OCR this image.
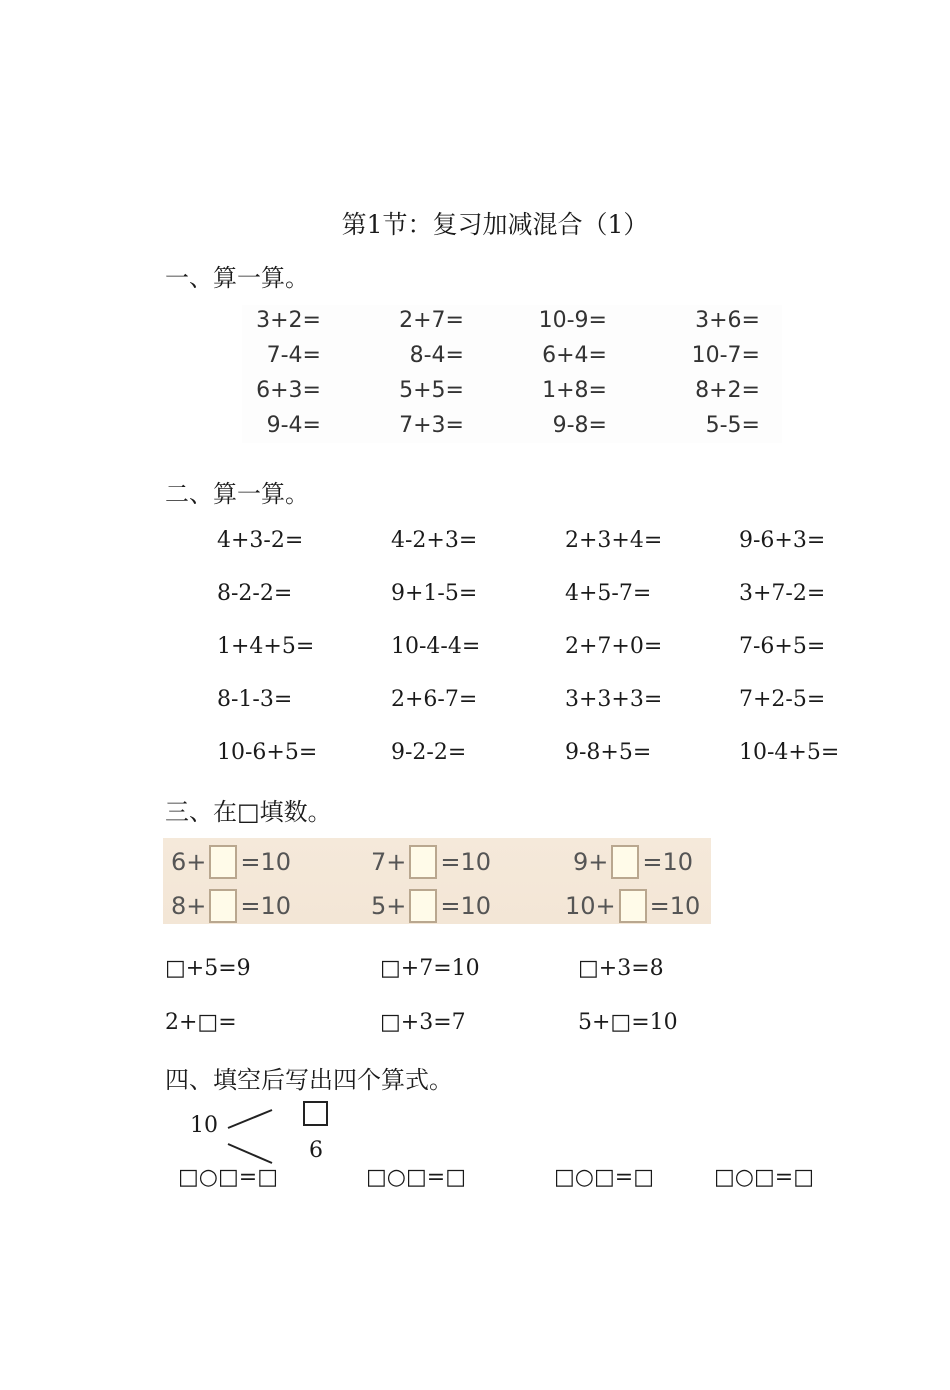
第1节：复习加减混合（1）
一、算一算。
3+2=	2+7=	10-9=	3+6=
7-4=	8-4=	6+4=	10-7=
6+3=	5+5=	1+8=	8+2=
9-4=	7+3=	9-8=	5-5=
二、算一算。
4+3-2=	4-2+3=	2+3+4=	9-6+3=
8-2-2=	9+1-5=	4+5-7=	3+7-2=
1+4+5=	10-4-4=	2+7+0=	7-6+5=
8-1-3=	2+6-7=	3+3+3=	7+2-5=
10-6+5=	9-2-2=	9-8+5=	10-4+5=
三、在□填数。
6+ =10	7+ =10	9+ =10
8+ =10	5+ =10	10+ =10
□+5=9	□+7=10	□+3=8
2+□=	□+3=7	5+□=10
四、填空后写出四个算式。
10
6
□○□=□	□○□=□	□○□=□	□○□=□
